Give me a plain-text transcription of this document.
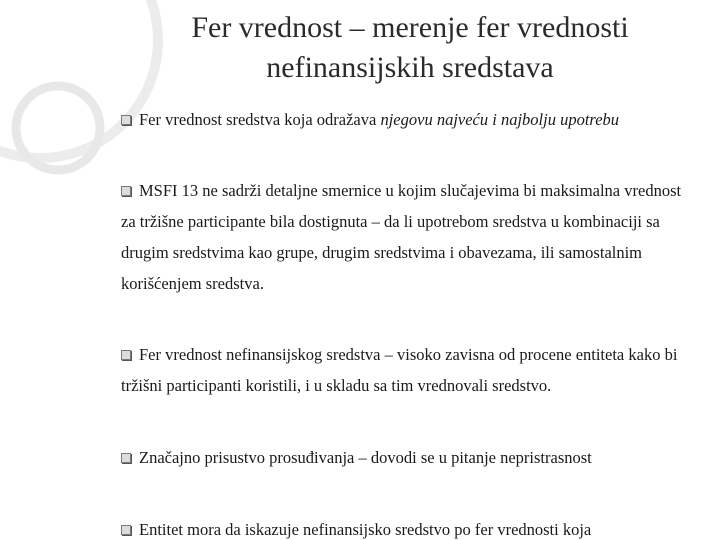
Fer vrednost – merenje fer vrednosti
nefinansijskih sredstava
Fer vrednost sredstva koja odražava njegovu najveću i najbolju upotrebu
MSFI 13 ne sadrži detaljne smernice u kojim slučajevima bi maksimalna vrednost za tržišne participante bila dostignuta – da li upotrebom sredstva u kombinaciji sa drugim sredstvima kao grupe, drugim sredstvima i obavezama, ili samostalnim korišćenjem sredstva.
Fer vrednost nefinansijskog sredstva – visoko zavisna od procene entiteta kako bi tržišni participanti koristili, i u skladu sa tim vrednovali sredstvo.
Značajno prisustvo prosuđivanja – dovodi se u pitanje nepristrasnost
Entitet mora da iskazuje nefinansijsko sredstvo po fer vrednosti koja
